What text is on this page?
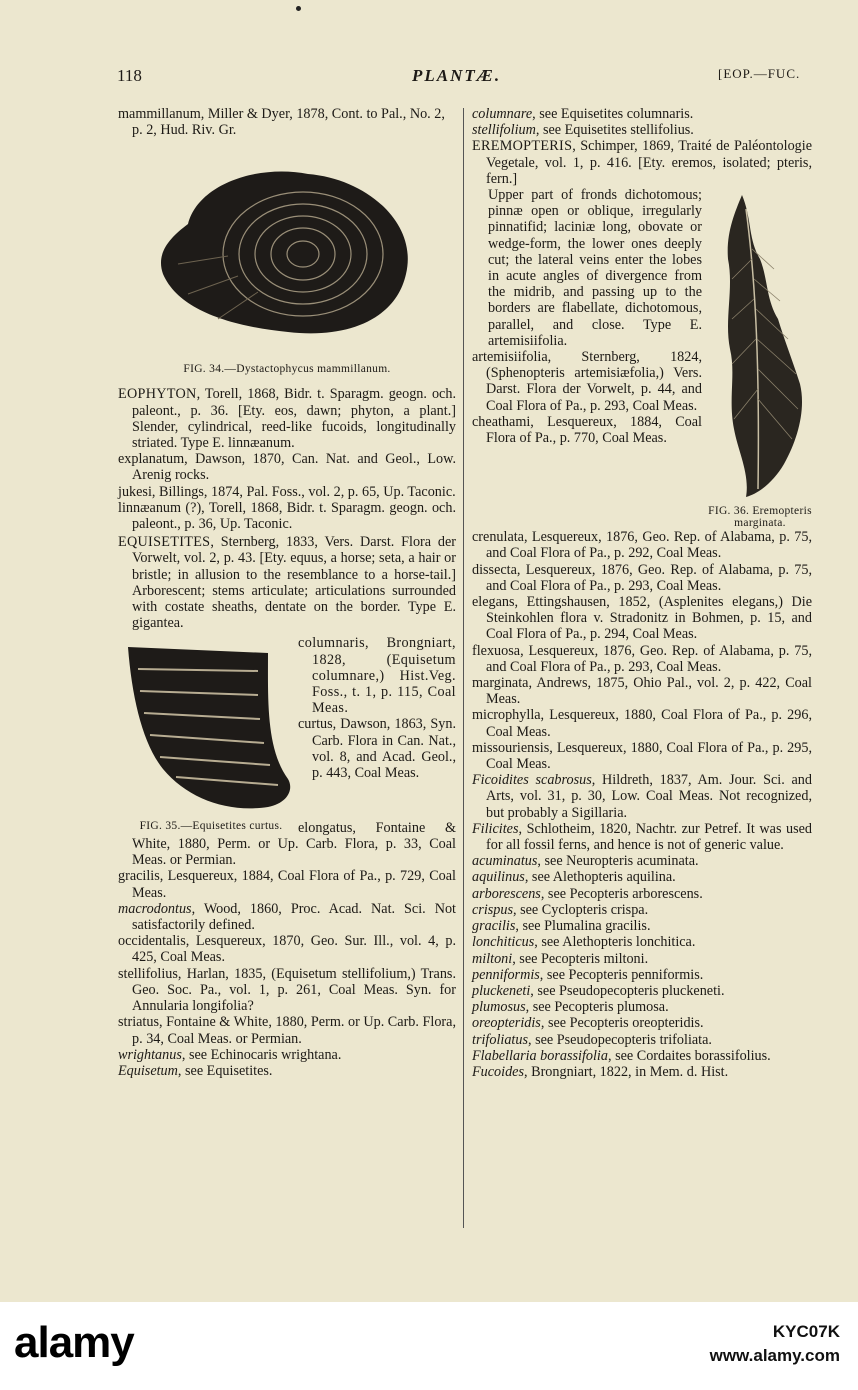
118	PLANTÆ.	[EOP.—FUC.

mammillanum, Miller & Dyer, 1878, Cont. to Pal., No. 2, p. 2, Hud. Riv. Gr.

FIG. 34.—Dystactophycus mammillanum.

EOPHYTON, Torell, 1868, Bidr. t. Sparagm. geogn. och. paleont., p. 36. [Ety. eos, dawn; phyton, a plant.] Slender, cylindrical, reed-like fucoids, longitudinally striated. Type E. linnæanum.

explanatum, Dawson, 1870, Can. Nat. and Geol., Low. Arenig rocks.

jukesi, Billings, 1874, Pal. Foss., vol. 2, p. 65, Up. Taconic.

linnæanum (?), Torell, 1868, Bidr. t. Sparagm. geogn. och. paleont., p. 36, Up. Taconic.

EQUISETITES, Sternberg, 1833, Vers. Darst. Flora der Vorwelt, vol. 2, p. 43. [Ety. equus, a horse; seta, a hair or bristle; in allusion to the resemblance to a horse-tail.] Arborescent; stems articulate; articulations surrounded with costate sheaths, dentate on the border. Type E. gigantea.

FIG. 35.—Equisetites curtus.

columnaris, Brongniart, 1828, (Equisetum columnare,) Hist.Veg. Foss., t. 1, p. 115, Coal Meas.

curtus, Dawson, 1863, Syn. Carb. Flora in Can. Nat., vol. 8, and Acad. Geol., p. 443, Coal Meas.

elongatus, Fontaine & White, 1880, Perm. or Up. Carb. Flora, p. 33, Coal Meas. or Permian.

gracilis, Lesquereux, 1884, Coal Flora of Pa., p. 729, Coal Meas.

macrodontus, Wood, 1860, Proc. Acad. Nat. Sci. Not satisfactorily defined.

occidentalis, Lesquereux, 1870, Geo. Sur. Ill., vol. 4, p. 425, Coal Meas.

stellifolius, Harlan, 1835, (Equisetum stellifolium,) Trans. Geo. Soc. Pa., vol. 1, p. 261, Coal Meas. Syn. for Annularia longifolia?

striatus, Fontaine & White, 1880, Perm. or Up. Carb. Flora, p. 34, Coal Meas. or Permian.

wrightanus, see Echinocaris wrightana.

Equisetum, see Equisetites.

columnare, see Equisetites columnaris.

stellifolium, see Equisetites stellifolius.

EREMOPTERIS, Schimper, 1869, Traité de Paléontologie Vegetale, vol. 1, p. 416. [Ety. eremos, isolated; pteris, fern.]

FIG. 36. Eremopteris marginata.

Upper part of fronds dichotomous; pinnæ open or oblique, irregularly pinnatifid; laciniæ long, obovate or wedge-form, the lower ones deeply cut; the lateral veins enter the lobes in acute angles of divergence from the midrib, and passing up to the borders are flabellate, dichotomous, parallel, and close. Type E. artemisiifolia.

artemisiifolia, Sternberg, 1824, (Sphenopteris artemisiæfolia,) Vers. Darst. Flora der Vorwelt, p. 44, and Coal Flora of Pa., p. 293, Coal Meas.

cheathami, Lesquereux, 1884, Coal Flora of Pa., p. 770, Coal Meas.

crenulata, Lesquereux, 1876, Geo. Rep. of Alabama, p. 75, and Coal Flora of Pa., p. 292, Coal Meas.

dissecta, Lesquereux, 1876, Geo. Rep. of Alabama, p. 75, and Coal Flora of Pa., p. 293, Coal Meas.

elegans, Ettingshausen, 1852, (Asplenites elegans,) Die Steinkohlen flora v. Stradonitz in Bohmen, p. 15, and Coal Flora of Pa., p. 294, Coal Meas.

flexuosa, Lesquereux, 1876, Geo. Rep. of Alabama, p. 75, and Coal Flora of Pa., p. 293, Coal Meas.

marginata, Andrews, 1875, Ohio Pal., vol. 2, p. 422, Coal Meas.

microphylla, Lesquereux, 1880, Coal Flora of Pa., p. 296, Coal Meas.

missouriensis, Lesquereux, 1880, Coal Flora of Pa., p. 295, Coal Meas.

Ficoidites scabrosus, Hildreth, 1837, Am. Jour. Sci. and Arts, vol. 31, p. 30, Low. Coal Meas. Not recognized, but probably a Sigillaria.

Filicites, Schlotheim, 1820, Nachtr. zur Petref. It was used for all fossil ferns, and hence is not of generic value.

acuminatus, see Neuropteris acuminata.

aquilinus, see Alethopteris aquilina.

arborescens, see Pecopteris arborescens.

crispus, see Cyclopteris crispa.

gracilis, see Plumalina gracilis.

lonchiticus, see Alethopteris lonchitica.

miltoni, see Pecopteris miltoni.

penniformis, see Pecopteris penniformis.

pluckeneti, see Pseudopecopteris pluckeneti.

plumosus, see Pecopteris plumosa.

oreopteridis, see Pecopteris oreopteridis.

trifoliatus, see Pseudopecopteris trifoliata.

Flabellaria borassifolia, see Cordaites borassifolius.

Fucoides, Brongniart, 1822, in Mem. d. Hist.

alamy	KYC07K
www.alamy.com
